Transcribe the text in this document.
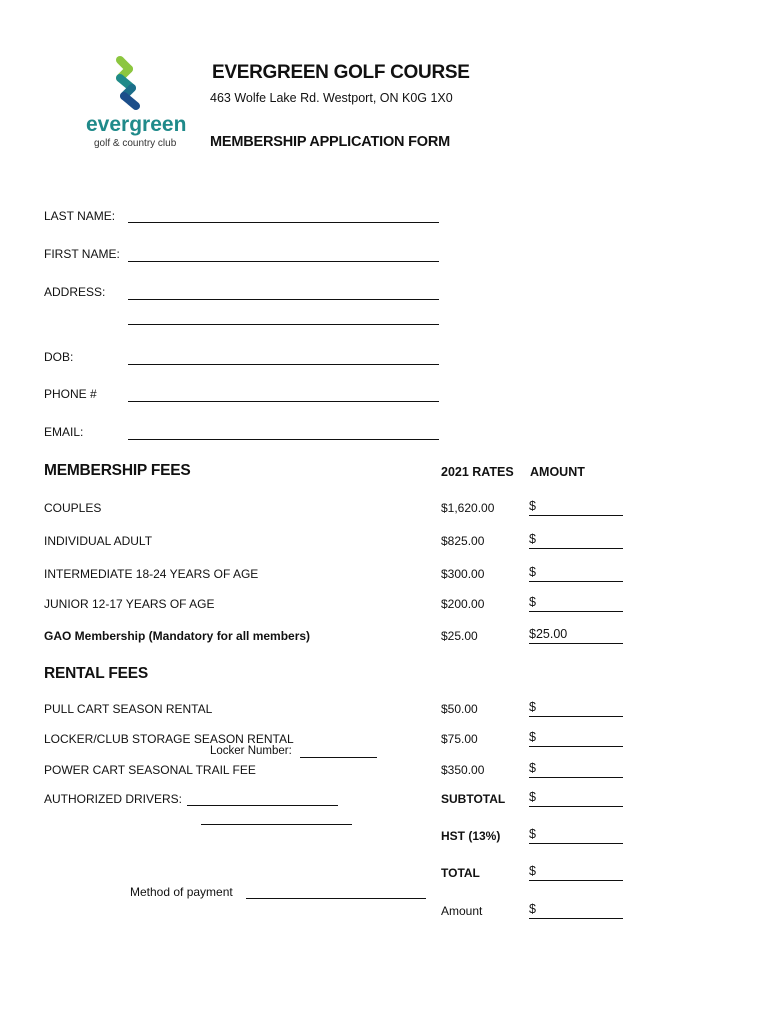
evergreen
golf & country club
EVERGREEN GOLF COURSE
463 Wolfe Lake Rd. Westport, ON K0G 1X0
MEMBERSHIP APPLICATION FORM
LAST NAME:
FIRST NAME:
ADDRESS:
DOB:
PHONE #
EMAIL:
MEMBERSHIP FEES	2021 RATES AMOUNT
COUPLES	$1,620.00	$
INDIVIDUAL ADULT	$825.00	$
INTERMEDIATE 18-24 YEARS OF AGE	$300.00	$
JUNIOR 12-17 YEARS OF AGE	$200.00	$
GAO Membership (Mandatory for all members)	$25.00	$25.00
RENTAL FEES
PULL CART SEASON RENTAL	$50.00	$
LOCKER/CLUB STORAGE SEASON RENTAL	$75.00	$
Locker Number:
POWER CART SEASONAL TRAIL FEE	$350.00	$
AUTHORIZED DRIVERS:	SUBTOTAL $
HST (13%) $
TOTAL	$
Method of payment
Amount	$
